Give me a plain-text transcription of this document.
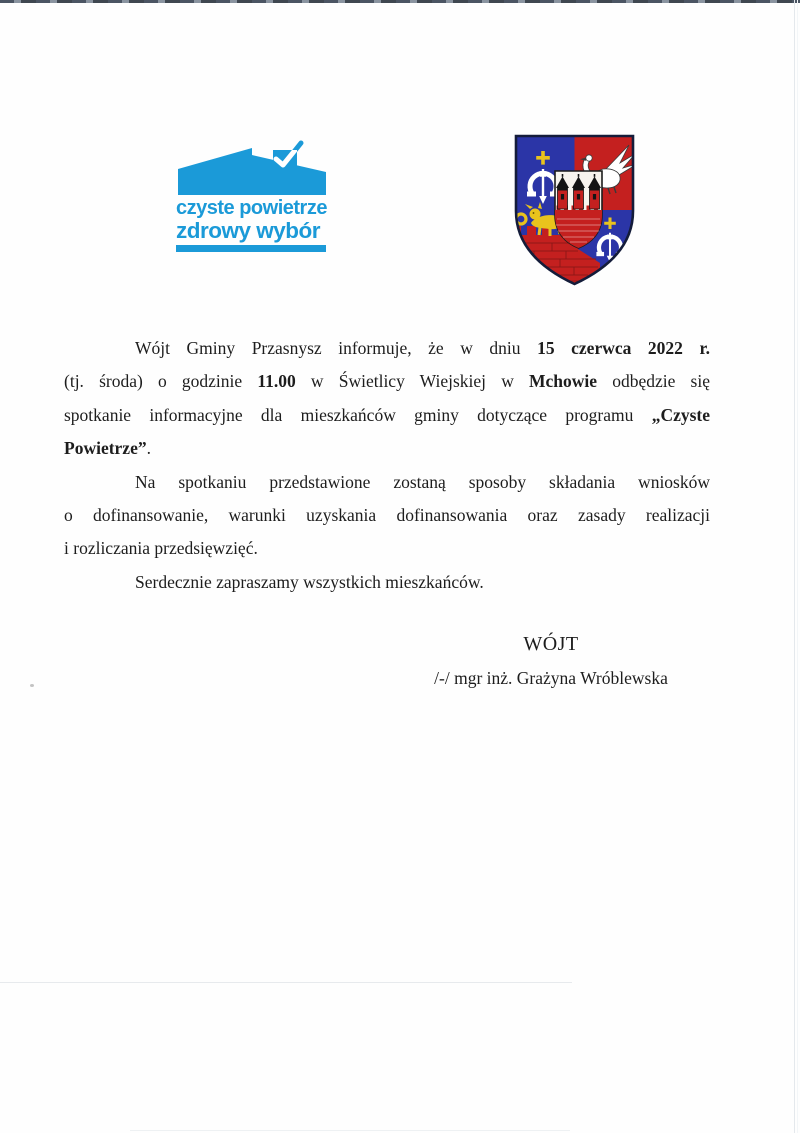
czyste powietrze
zdrowy wybór
Wójt Gminy Przasnysz informuje, że w dniu 15 czerwca 2022 r.
(tj. środa) o godzinie 11.00 w Świetlicy Wiejskiej w Mchowie odbędzie się
spotkanie informacyjne dla mieszkańców gminy dotyczące programu „Czyste
Powietrze”.
Na spotkaniu przedstawione zostaną sposoby składania wniosków
o dofinansowanie, warunki uzyskania dofinansowania oraz zasady realizacji
i rozliczania przedsięwzięć.
Serdecznie zapraszamy wszystkich mieszkańców.
WÓJT
/-/ mgr inż. Grażyna Wróblewska
